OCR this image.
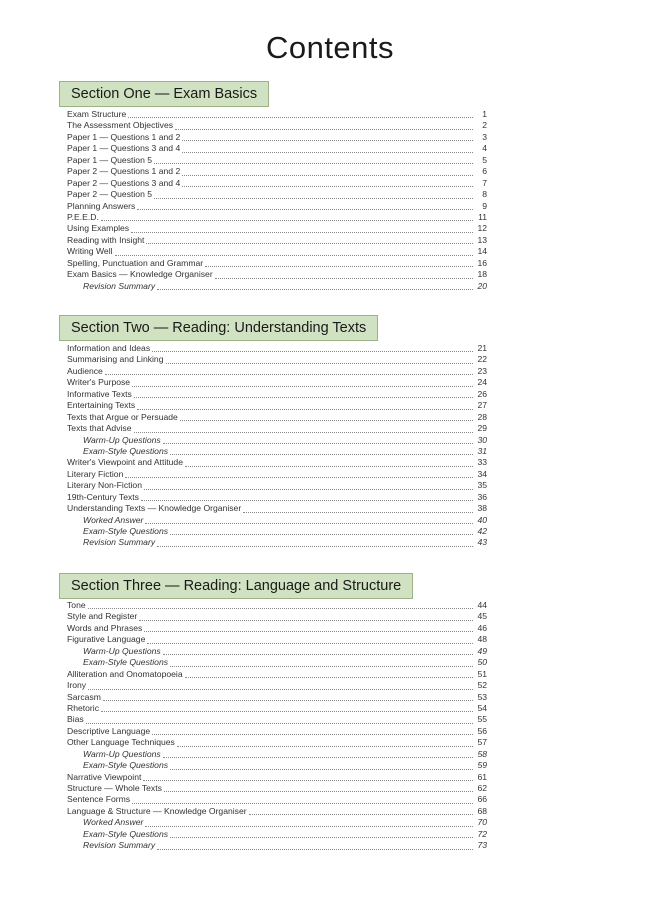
Contents
Section One — Exam Basics
Exam Structure	1
The Assessment Objectives	2
Paper 1 — Questions 1 and 2	3
Paper 1 — Questions 3 and 4	4
Paper 1 — Question 5	5
Paper 2 — Questions 1 and 2	6
Paper 2 — Questions 3 and 4	7
Paper 2 — Question 5	8
Planning Answers	9
P.E.E.D.	11
Using Examples	12
Reading with Insight	13
Writing Well	14
Spelling, Punctuation and Grammar	16
Exam Basics — Knowledge Organiser	18
Revision Summary	20
Section Two — Reading: Understanding Texts
Information and Ideas	21
Summarising and Linking	22
Audience	23
Writer's Purpose	24
Informative Texts	26
Entertaining Texts	27
Texts that Argue or Persuade	28
Texts that Advise	29
Warm-Up Questions	30
Exam-Style Questions	31
Writer's Viewpoint and Attitude	33
Literary Fiction	34
Literary Non-Fiction	35
19th-Century Texts	36
Understanding Texts — Knowledge Organiser	38
Worked Answer	40
Exam-Style Questions	42
Revision Summary	43
Section Three — Reading: Language and Structure
Tone	44
Style and Register	45
Words and Phrases	46
Figurative Language	48
Warm-Up Questions	49
Exam-Style Questions	50
Alliteration and Onomatopoeia	51
Irony	52
Sarcasm	53
Rhetoric	54
Bias	55
Descriptive Language	56
Other Language Techniques	57
Warm-Up Questions	58
Exam-Style Questions	59
Narrative Viewpoint	61
Structure — Whole Texts	62
Sentence Forms	66
Language & Structure — Knowledge Organiser	68
Worked Answer	70
Exam-Style Questions	72
Revision Summary	73
